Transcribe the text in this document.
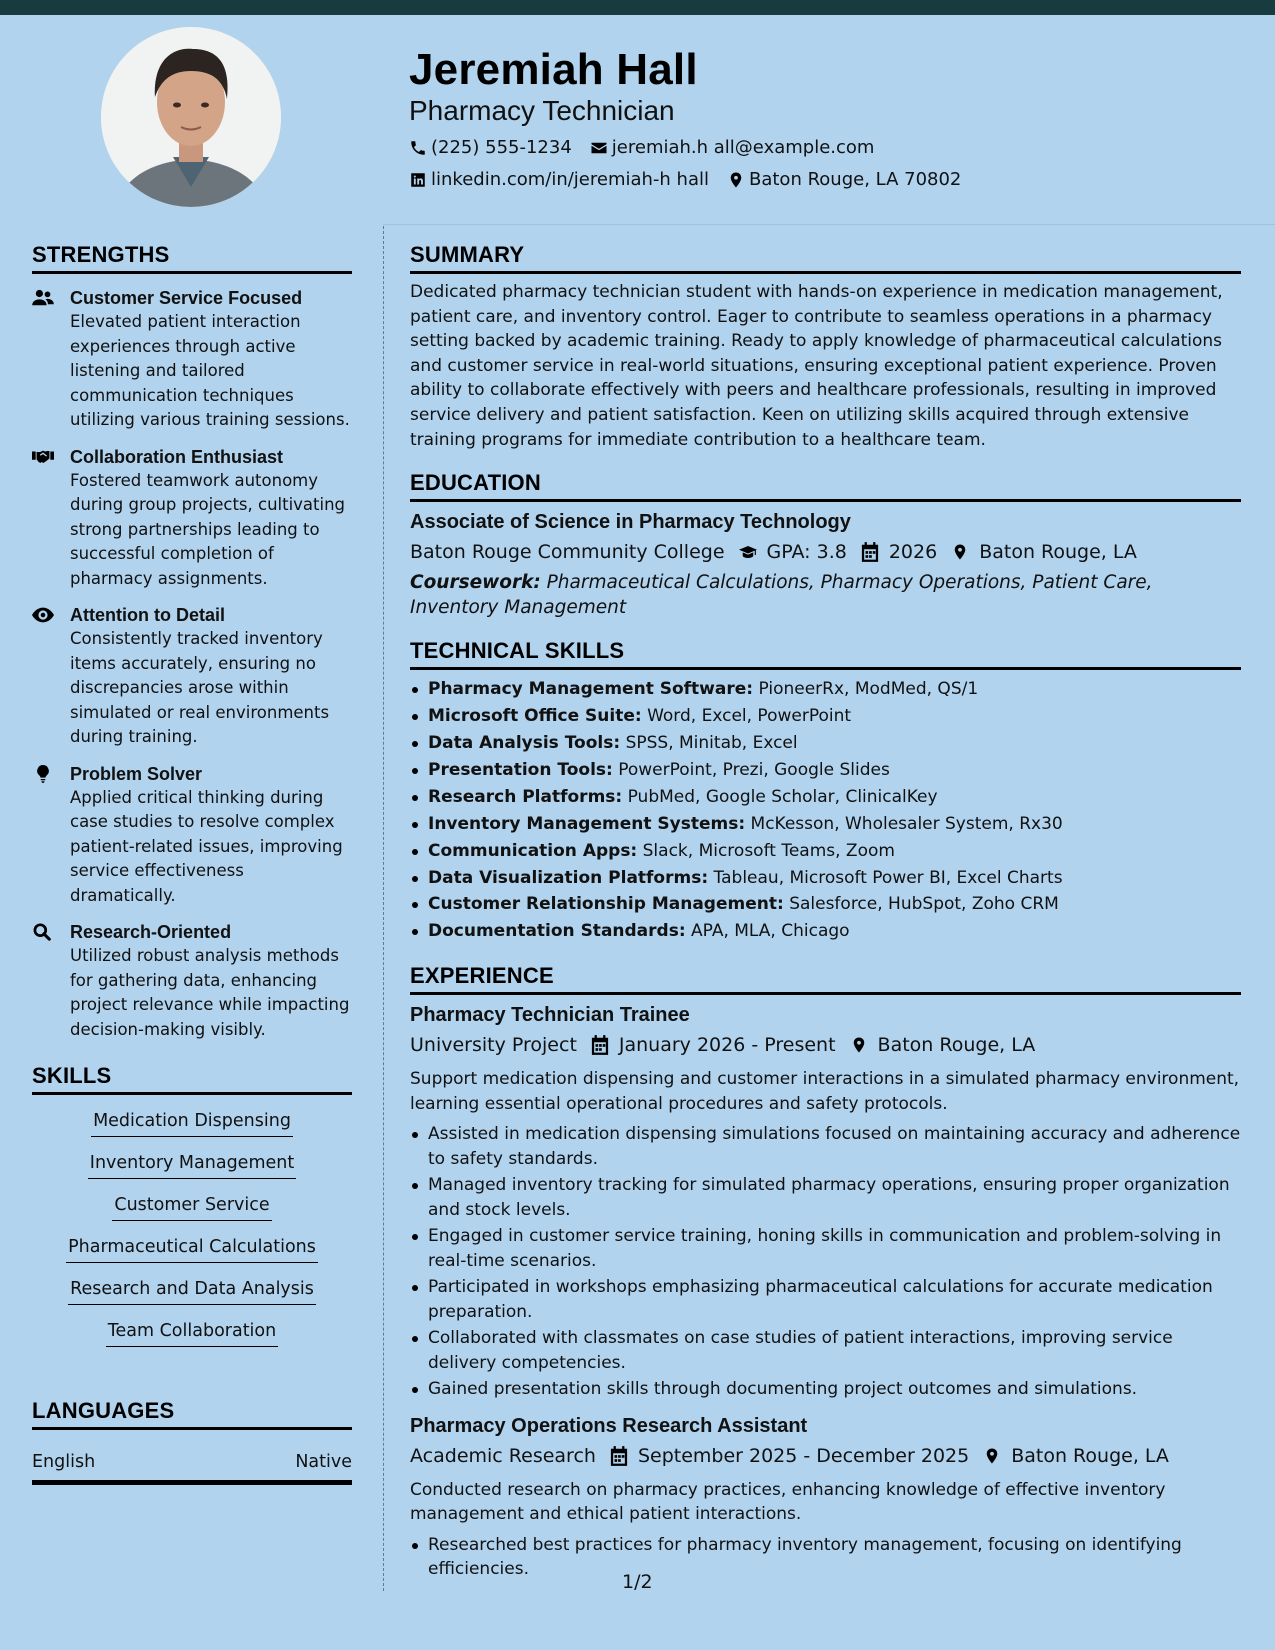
Jeremiah Hall
Pharmacy Technician
(225) 555-1234 jeremiah.h all@example.com
linkedin.com/in/jeremiah-h hall Baton Rouge, LA 70802
STRENGTHS
Customer Service Focused
Elevated patient interaction experiences through active listening and tailored communication techniques utilizing various training sessions.
Collaboration Enthusiast
Fostered teamwork autonomy during group projects, cultivating strong partnerships leading to successful completion of pharmacy assignments.
Attention to Detail
Consistently tracked inventory items accurately, ensuring no discrepancies arose within simulated or real environments during training.
Problem Solver
Applied critical thinking during case studies to resolve complex patient-related issues, improving service effectiveness dramatically.
Research-Oriented
Utilized robust analysis methods for gathering data, enhancing project relevance while impacting decision-making visibly.
SKILLS
Medication Dispensing
Inventory Management
Customer Service
Pharmaceutical Calculations
Research and Data Analysis
Team Collaboration
LANGUAGES
English	Native
SUMMARY
Dedicated pharmacy technician student with hands-on experience in medication management, patient care, and inventory control. Eager to contribute to seamless operations in a pharmacy setting backed by academic training. Ready to apply knowledge of pharmaceutical calculations and customer service in real-world situations, ensuring exceptional patient experience. Proven ability to collaborate effectively with peers and healthcare professionals, resulting in improved service delivery and patient satisfaction. Keen on utilizing skills acquired through extensive training programs for immediate contribution to a healthcare team.
EDUCATION
Associate of Science in Pharmacy Technology
Baton Rouge Community College GPA: 3.8 2026 Baton Rouge, LA
Coursework: Pharmaceutical Calculations, Pharmacy Operations, Patient Care, Inventory Management
TECHNICAL SKILLS
Pharmacy Management Software: PioneerRx, ModMed, QS/1
Microsoft Office Suite: Word, Excel, PowerPoint
Data Analysis Tools: SPSS, Minitab, Excel
Presentation Tools: PowerPoint, Prezi, Google Slides
Research Platforms: PubMed, Google Scholar, ClinicalKey
Inventory Management Systems: McKesson, Wholesaler System, Rx30
Communication Apps: Slack, Microsoft Teams, Zoom
Data Visualization Platforms: Tableau, Microsoft Power BI, Excel Charts
Customer Relationship Management: Salesforce, HubSpot, Zoho CRM
Documentation Standards: APA, MLA, Chicago
EXPERIENCE
Pharmacy Technician Trainee
University Project January 2026 - Present Baton Rouge, LA
Support medication dispensing and customer interactions in a simulated pharmacy environment, learning essential operational procedures and safety protocols.
Assisted in medication dispensing simulations focused on maintaining accuracy and adherence to safety standards.
Managed inventory tracking for simulated pharmacy operations, ensuring proper organization and stock levels.
Engaged in customer service training, honing skills in communication and problem-solving in real-time scenarios.
Participated in workshops emphasizing pharmaceutical calculations for accurate medication preparation.
Collaborated with classmates on case studies of patient interactions, improving service delivery competencies.
Gained presentation skills through documenting project outcomes and simulations.
Pharmacy Operations Research Assistant
Academic Research September 2025 - December 2025 Baton Rouge, LA
Conducted research on pharmacy practices, enhancing knowledge of effective inventory management and ethical patient interactions.
Researched best practices for pharmacy inventory management, focusing on identifying efficiencies.
1/2
